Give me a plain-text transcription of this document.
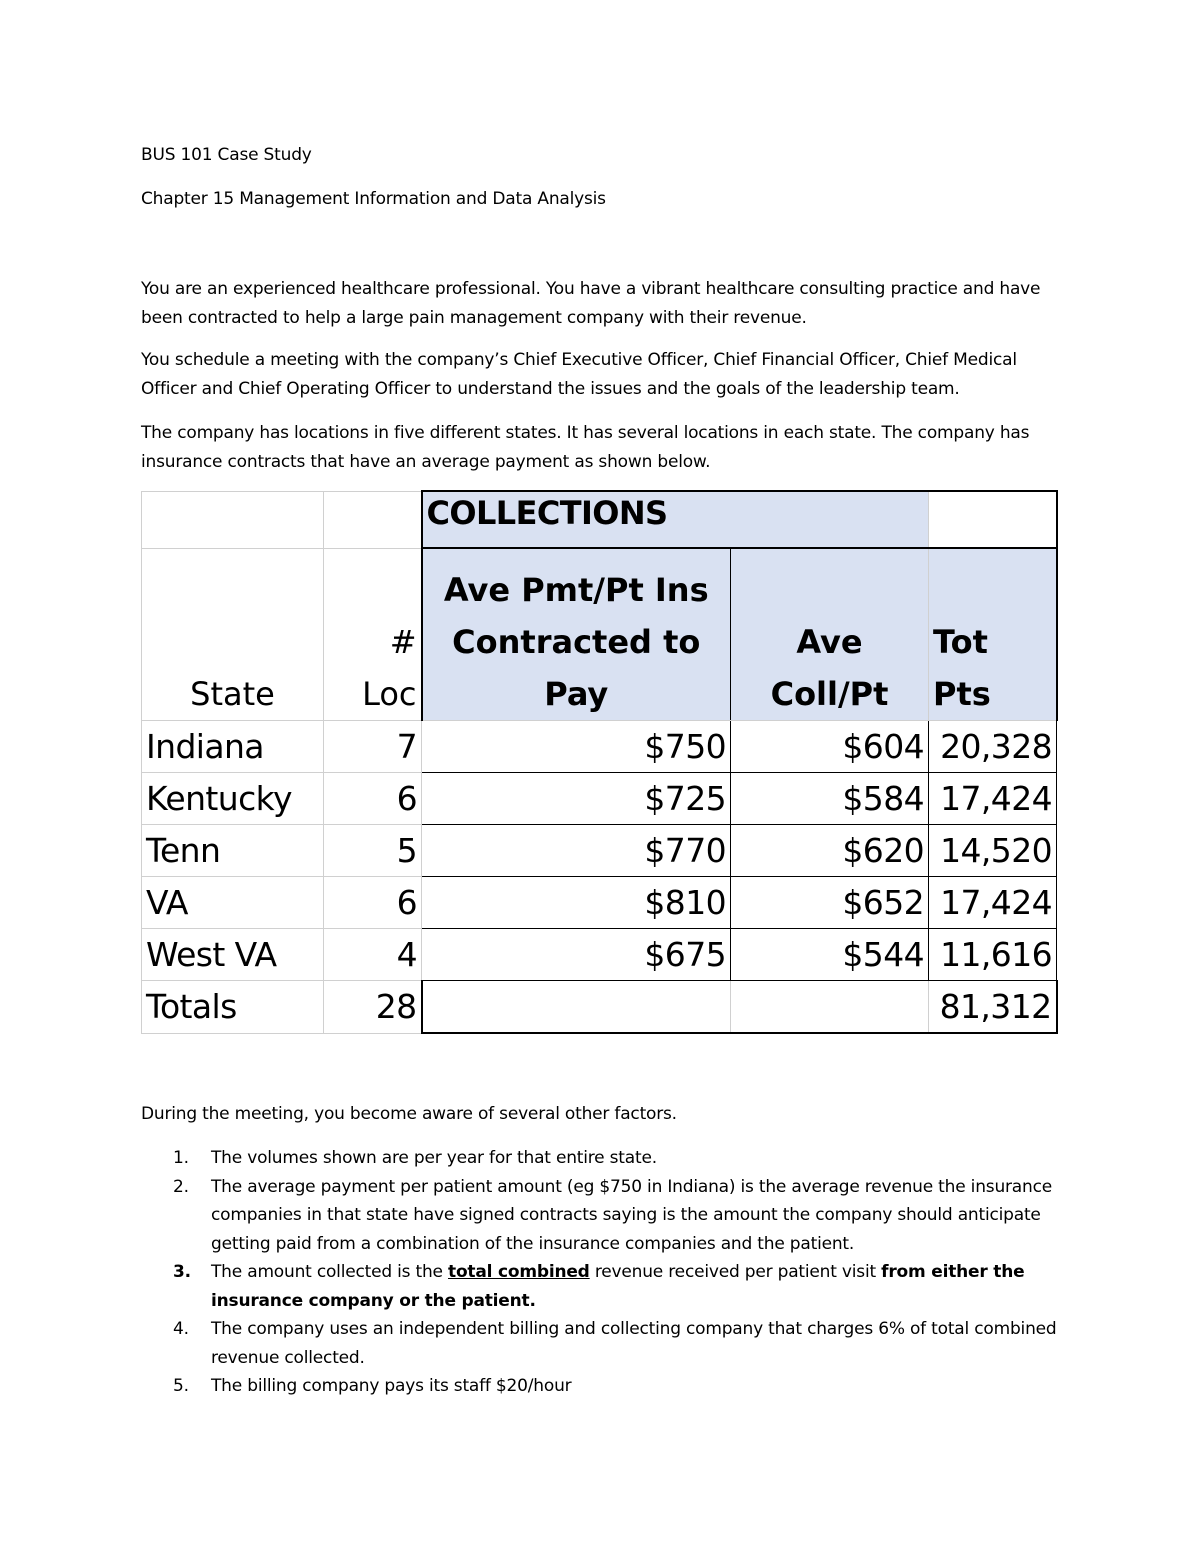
BUS 101 Case Study

Chapter 15 Management Information and Data Analysis

You are an experienced healthcare professional. You have a vibrant healthcare consulting practice and have been contracted to help a large pain management company with their revenue.

You schedule a meeting with the company’s Chief Executive Officer, Chief Financial Officer, Chief Medical Officer and Chief Operating Officer to understand the issues and the goals of the leadership team.

The company has locations in five different states. It has several locations in each state. The company has insurance contracts that have an average payment as shown below.

		COLLECTIONS		
State	# Loc	Ave Pmt/Pt Ins Contracted to Pay	Ave Coll/Pt	Tot Pts
Indiana	7	$750	$604	20,328
Kentucky	6	$725	$584	17,424
Tenn	5	$770	$620	14,520
VA	6	$810	$652	17,424
West VA	4	$675	$544	11,616
Totals	28			81,312

During the meeting, you become aware of several other factors.

1. The volumes shown are per year for that entire state.
2. The average payment per patient amount (eg $750 in Indiana) is the average revenue the insurance companies in that state have signed contracts saying is the amount the company should anticipate getting paid from a combination of the insurance companies and the patient.
3. The amount collected is the total combined revenue received per patient visit from either the insurance company or the patient.
4. The company uses an independent billing and collecting company that charges 6% of total combined revenue collected.
5. The billing company pays its staff $20/hour
